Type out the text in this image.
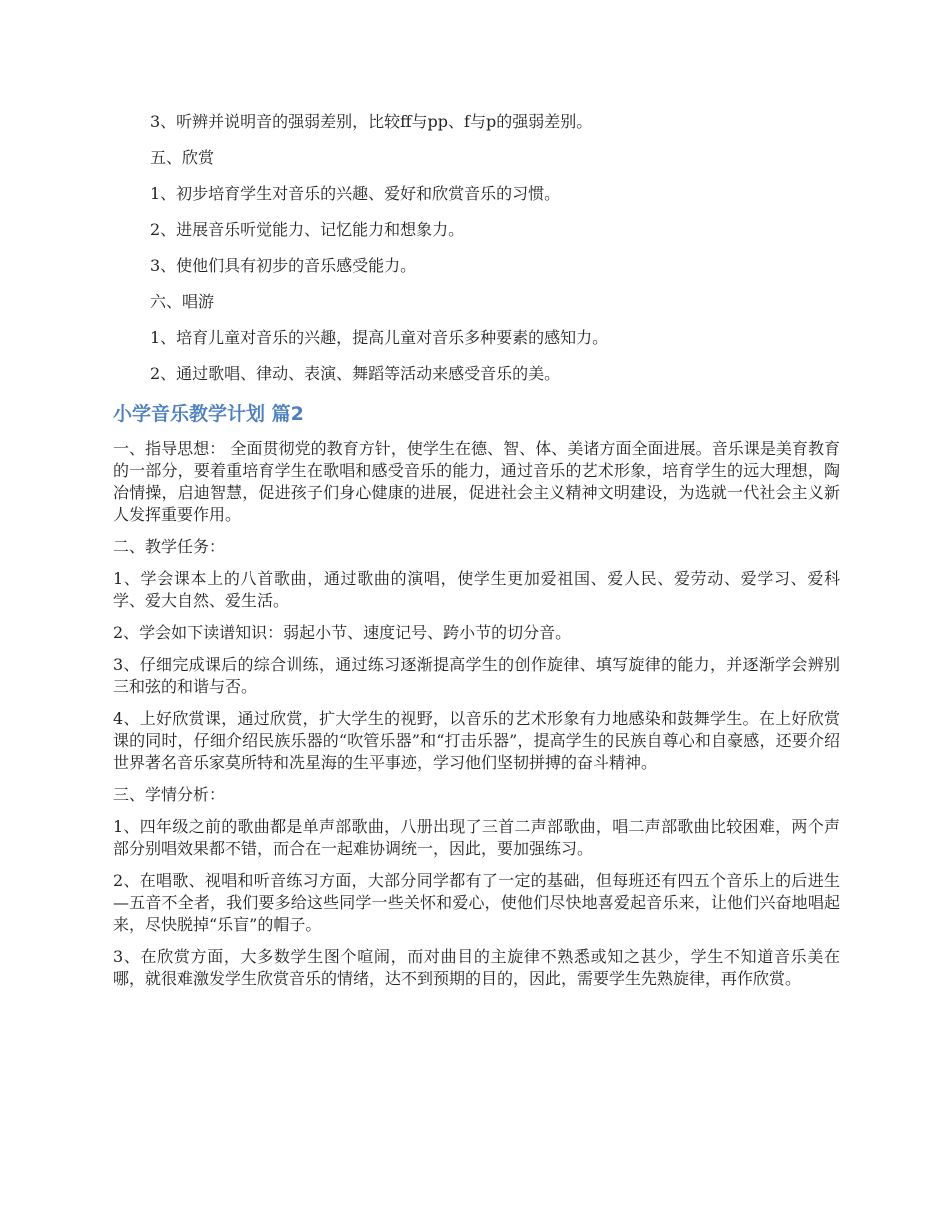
3、听辨并说明音的强弱差别，比较ff与pp、f与p的强弱差别。

五、欣赏

1、初步培育学生对音乐的兴趣、爱好和欣赏音乐的习惯。

2、进展音乐听觉能力、记忆能力和想象力。

3、使他们具有初步的音乐感受能力。

六、唱游

1、培育儿童对音乐的兴趣，提高儿童对音乐多种要素的感知力。

2、通过歌唱、律动、表演、舞蹈等活动来感受音乐的美。

小学音乐教学计划 篇2

一、指导思想： 全面贯彻党的教育方针，使学生在德、智、体、美诸方面全面进展。音乐课是美育教育的一部分，要着重培育学生在歌唱和感受音乐的能力，通过音乐的艺术形象，培育学生的远大理想，陶冶情操，启迪智慧，促进孩子们身心健康的进展，促进社会主义精神文明建设，为选就一代社会主义新人发挥重要作用。

二、教学任务：

1、学会课本上的八首歌曲，通过歌曲的演唱，使学生更加爱祖国、爱人民、爱劳动、爱学习、爱科学、爱大自然、爱生活。

2、学会如下读谱知识：弱起小节、速度记号、跨小节的切分音。

3、仔细完成课后的综合训练，通过练习逐渐提高学生的创作旋律、填写旋律的能力，并逐渐学会辨别三和弦的和谐与否。

4、上好欣赏课，通过欣赏，扩大学生的视野，以音乐的艺术形象有力地感染和鼓舞学生。在上好欣赏课的同时，仔细介绍民族乐器的“吹管乐器”和“打击乐器”，提高学生的民族自尊心和自豪感，还要介绍世界著名音乐家莫所特和冼星海的生平事迹，学习他们坚韧拼搏的奋斗精神。

三、学情分析：

1、四年级之前的歌曲都是单声部歌曲，八册出现了三首二声部歌曲，唱二声部歌曲比较困难，两个声部分别唱效果都不错，而合在一起难协调统一，因此，要加强练习。

2、在唱歌、视唱和听音练习方面，大部分同学都有了一定的基础，但每班还有四五个音乐上的后进生—五音不全者，我们要多给这些同学一些关怀和爱心，使他们尽快地喜爱起音乐来，让他们兴奋地唱起来，尽快脱掉“乐盲”的帽子。

3、在欣赏方面，大多数学生图个喧闹，而对曲目的主旋律不熟悉或知之甚少，学生不知道音乐美在哪，就很难激发学生欣赏音乐的情绪，达不到预期的目的，因此，需要学生先熟旋律，再作欣赏。
